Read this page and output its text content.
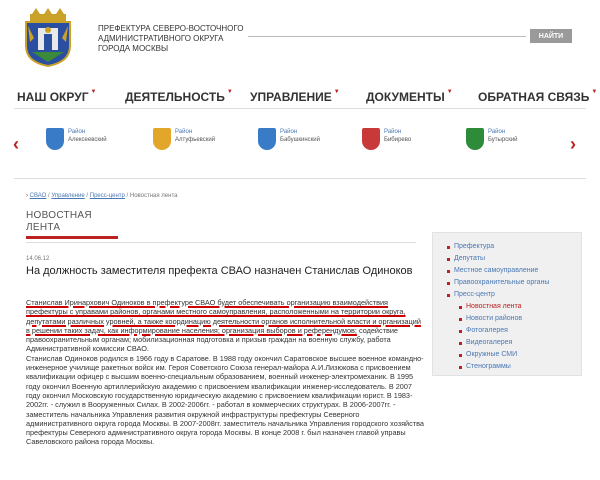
ПРЕФЕКТУРА СЕВЕРО-ВОСТОЧНОГО АДМИНИСТРАТИВНОГО ОКРУГА ГОРОДА МОСКВЫ
НАЙТИ
НАШ ОКРУГ ▼ ДЕЯТЕЛЬНОСТЬ ▼ УПРАВЛЕНИЕ ▼ ДОКУМЕНТЫ ▼ ОБРАТНАЯ СВЯЗЬ ▼
‹
Район
Алексеевский
Район
Алтуфьевский
Район
Бабушкинский
Район
Бибирево
Район
Бутырский	›
› СВАО / Управление / Пресс-центр / Новостная лента
НОВОСТНАЯ ЛЕНТА
14.06.12
На должность заместителя префекта СВАО назначен Станислав Одиноков

Станислав Иринархович Одиноков в префектуре СВАО будет обеспечивать организацию взаимодействия префектуры с управами районов, органами местного самоуправления, расположенными на территории округа, депутатами различных уровней, а также координацию деятельности органов исполнительной власти и организаций в решении таких задач, как информирование населения; организация выборов и референдумов; содействие правоохранительным органам; мобилизационная подготовка и призыв граждан на военную службу, работа Административной комиссии СВАО.

Станислав Одиноков родился в 1966 году в Саратове. В 1988 году окончил Саратовское высшее военное командно-инженерное училище ракетных войск им. Героя Советского Союза генерал-майора А.И.Лизюкова с присвоением квалификации офицер с высшим военно-специальным образованием, военный инженер-электромеханик. В 1995 году окончил Военную артиллерийскую академию с присвоением квалификации инженер-исследователь. В 2007 году окончил Московскую государственную юридическую академию с присвоением квалификации юрист. В 1983-2002гг. - служил в Вооруженных Силах. В 2002-2006гг. - работал в коммерческих структурах. В 2006-2007гг. - заместитель начальника Управления развития окружной инфраструктуры префектуры Северного административного округа города Москвы. В 2007-2008гг. заместитель начальника Управления городского хозяйства префектуры Северного административного округа города Москвы. В конце 2008 г. был назначен главой управы Савеловского района города Москвы.

Префектура
Депутаты
Местное самоуправление
Правоохранительные органы
Пресс-центр
Новостная лента
Новости районов
Фотогалерея
Видеогалерея
Окружные СМИ
Стенограммы
